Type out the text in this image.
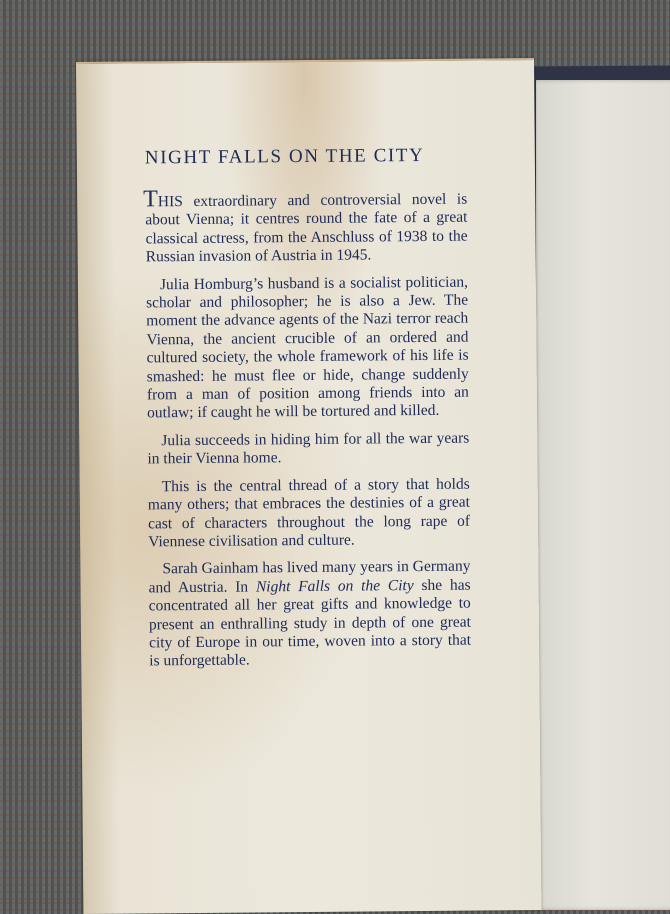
NIGHT FALLS ON THE CITY

THIS extraordinary and controversial novel is about Vienna; it centres round the fate of a great classical actress, from the Anschluss of 1938 to the Russian invasion of Austria in 1945.

Julia Homburg’s husband is a socialist politician, scholar and philosopher; he is also a Jew. The moment the advance agents of the Nazi terror reach Vienna, the ancient crucible of an ordered and cultured society, the whole framework of his life is smashed: he must flee or hide, change suddenly from a man of position among friends into an outlaw; if caught he will be tortured and killed.

Julia succeeds in hiding him for all the war years in their Vienna home.

This is the central thread of a story that holds many others; that embraces the destinies of a great cast of characters throughout the long rape of Viennese civilisation and culture.

Sarah Gainham has lived many years in Germany and Austria. In Night Falls on the City she has concentrated all her great gifts and knowledge to present an enthralling study in depth of one great city of Europe in our time, woven into a story that is unforgettable.
